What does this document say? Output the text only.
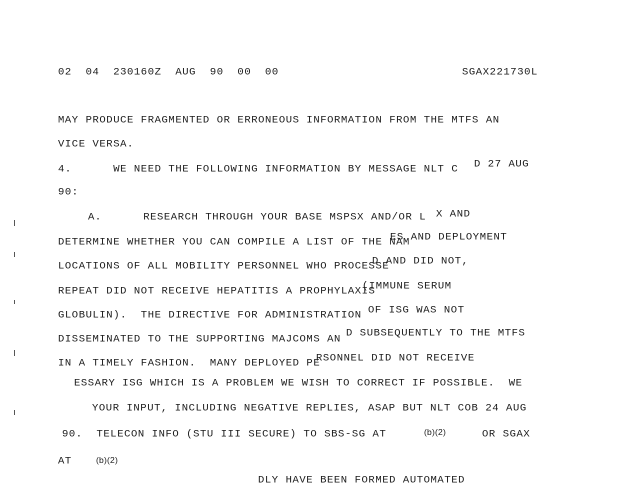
02  04  230160Z  AUG  90  00  00	SGAX221730L
MAY PRODUCE FRAGMENTED OR ERRONEOUS INFORMATION FROM THE MTFS AN
VICE VERSA.
4.      WE NEED THE FOLLOWING INFORMATION BY MESSAGE NLT C D 27 AUG
90:
A.      RESEARCH THROUGH YOUR BASE MSPSX AND/OR L X AND
DETERMINE WHETHER YOU CAN COMPILE A LIST OF THE NAM
ES AND DEPLOYMENT
LOCATIONS OF ALL MOBILITY PERSONNEL WHO PROCESSE
D AND DID NOT,
REPEAT DID NOT RECEIVE HEPATITIS A PROPHYLAXIS
(IMMUNE SERUM
GLOBULIN).  THE DIRECTIVE FOR ADMINISTRATION OF ISG WAS NOT
DISSEMINATED TO THE SUPPORTING MAJCOMS AN
D SUBSEQUENTLY TO THE MTFS
IN A TIMELY FASHION.  MANY DEPLOYED PE
RSONNEL DID NOT RECEIVE
ESSARY ISG WHICH IS A PROBLEM WE WISH TO CORRECT IF POSSIBLE.  WE
YOUR INPUT, INCLUDING NEGATIVE REPLIES, ASAP BUT NLT COB 24 AUG
90.  TELECON INFO (STU III SECURE) TO SBS-SG AT	(b)(2)	OR SGAX
AT	(b)(2)
DLY HAVE BEEN FORMED AUTOMATED
